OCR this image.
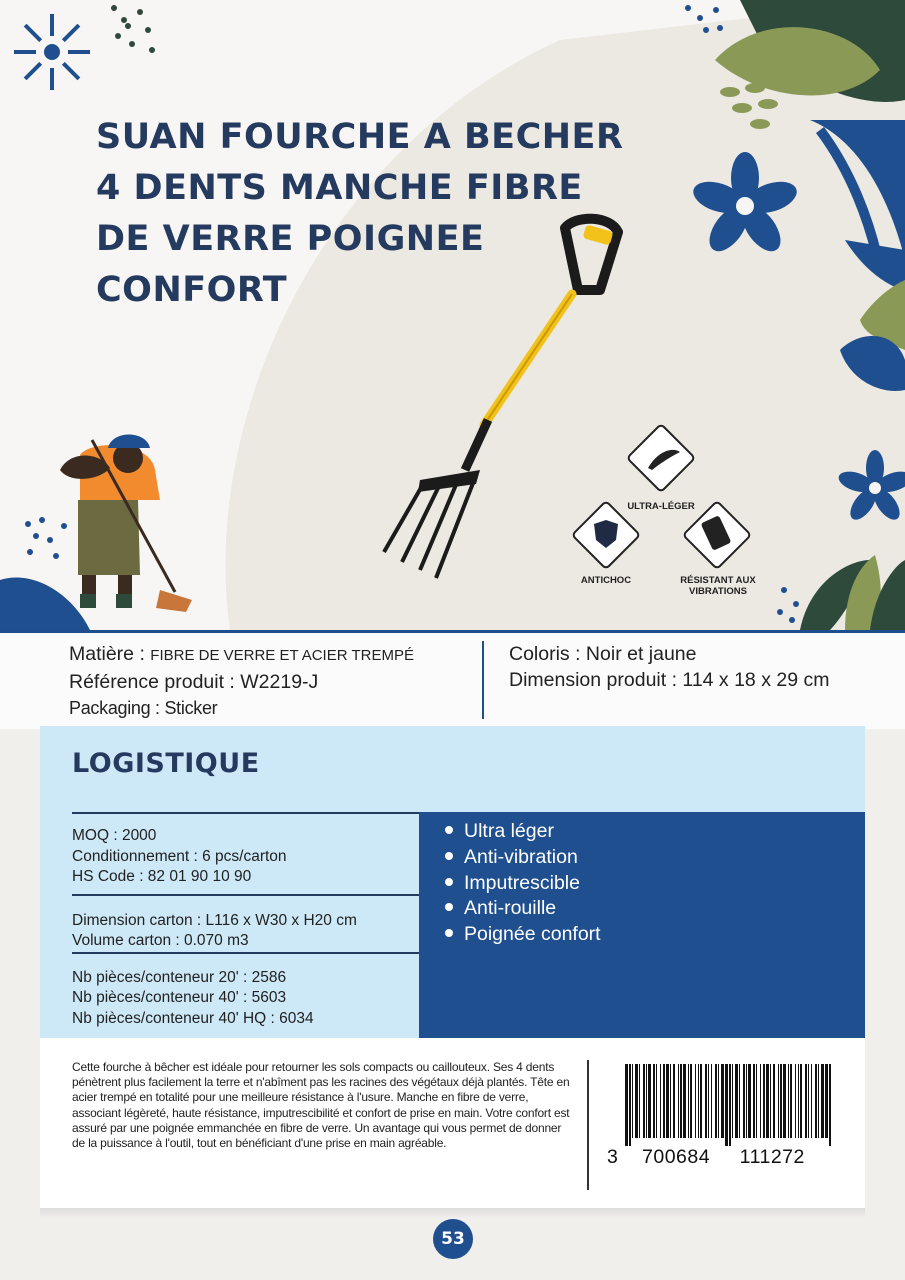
SUAN FOURCHE A BECHER
4 DENTS MANCHE FIBRE
DE VERRE POIGNEE
CONFORT
ULTRA-LÉGER
ANTICHOC	RÉSISTANT AUX
VIBRATIONS
Matière : FIBRE DE VERRE ET ACIER TREMPÉ
Référence produit : W2219-J
Packaging : Sticker
Coloris : Noir et jaune
Dimension produit : 114 x 18 x 29 cm
LOGISTIQUE
MOQ : 2000
Conditionnement : 6 pcs/carton
HS Code : 82 01 90 10 90
Dimension carton : L116 x W30 x H20 cm
Volume carton : 0.070 m3
Nb pièces/conteneur 20' : 2586
Nb pièces/conteneur 40' : 5603
Nb pièces/conteneur 40' HQ : 6034
Ultra léger
Anti-vibration
Imputrescible
Anti-rouille
Poignée confort

Cette fourche à bêcher est idéale pour retourner les sols compacts ou caillouteux. Ses 4 dents pénètrent plus facilement la terre et n'abîment pas les racines des végétaux déjà plantés. Tête en acier trempé en totalité pour une meilleure résistance à l'usure. Manche en fibre de verre, associant légèreté, haute résistance, imputrescibilité et confort de prise en main. Votre confort est assuré par une poignée emmanchée en fibre de verre. Un avantage qui vous permet de donner de la puissance à l'outil, tout en bénéficiant d'une prise en main agréable.

3    700684     111272
53
